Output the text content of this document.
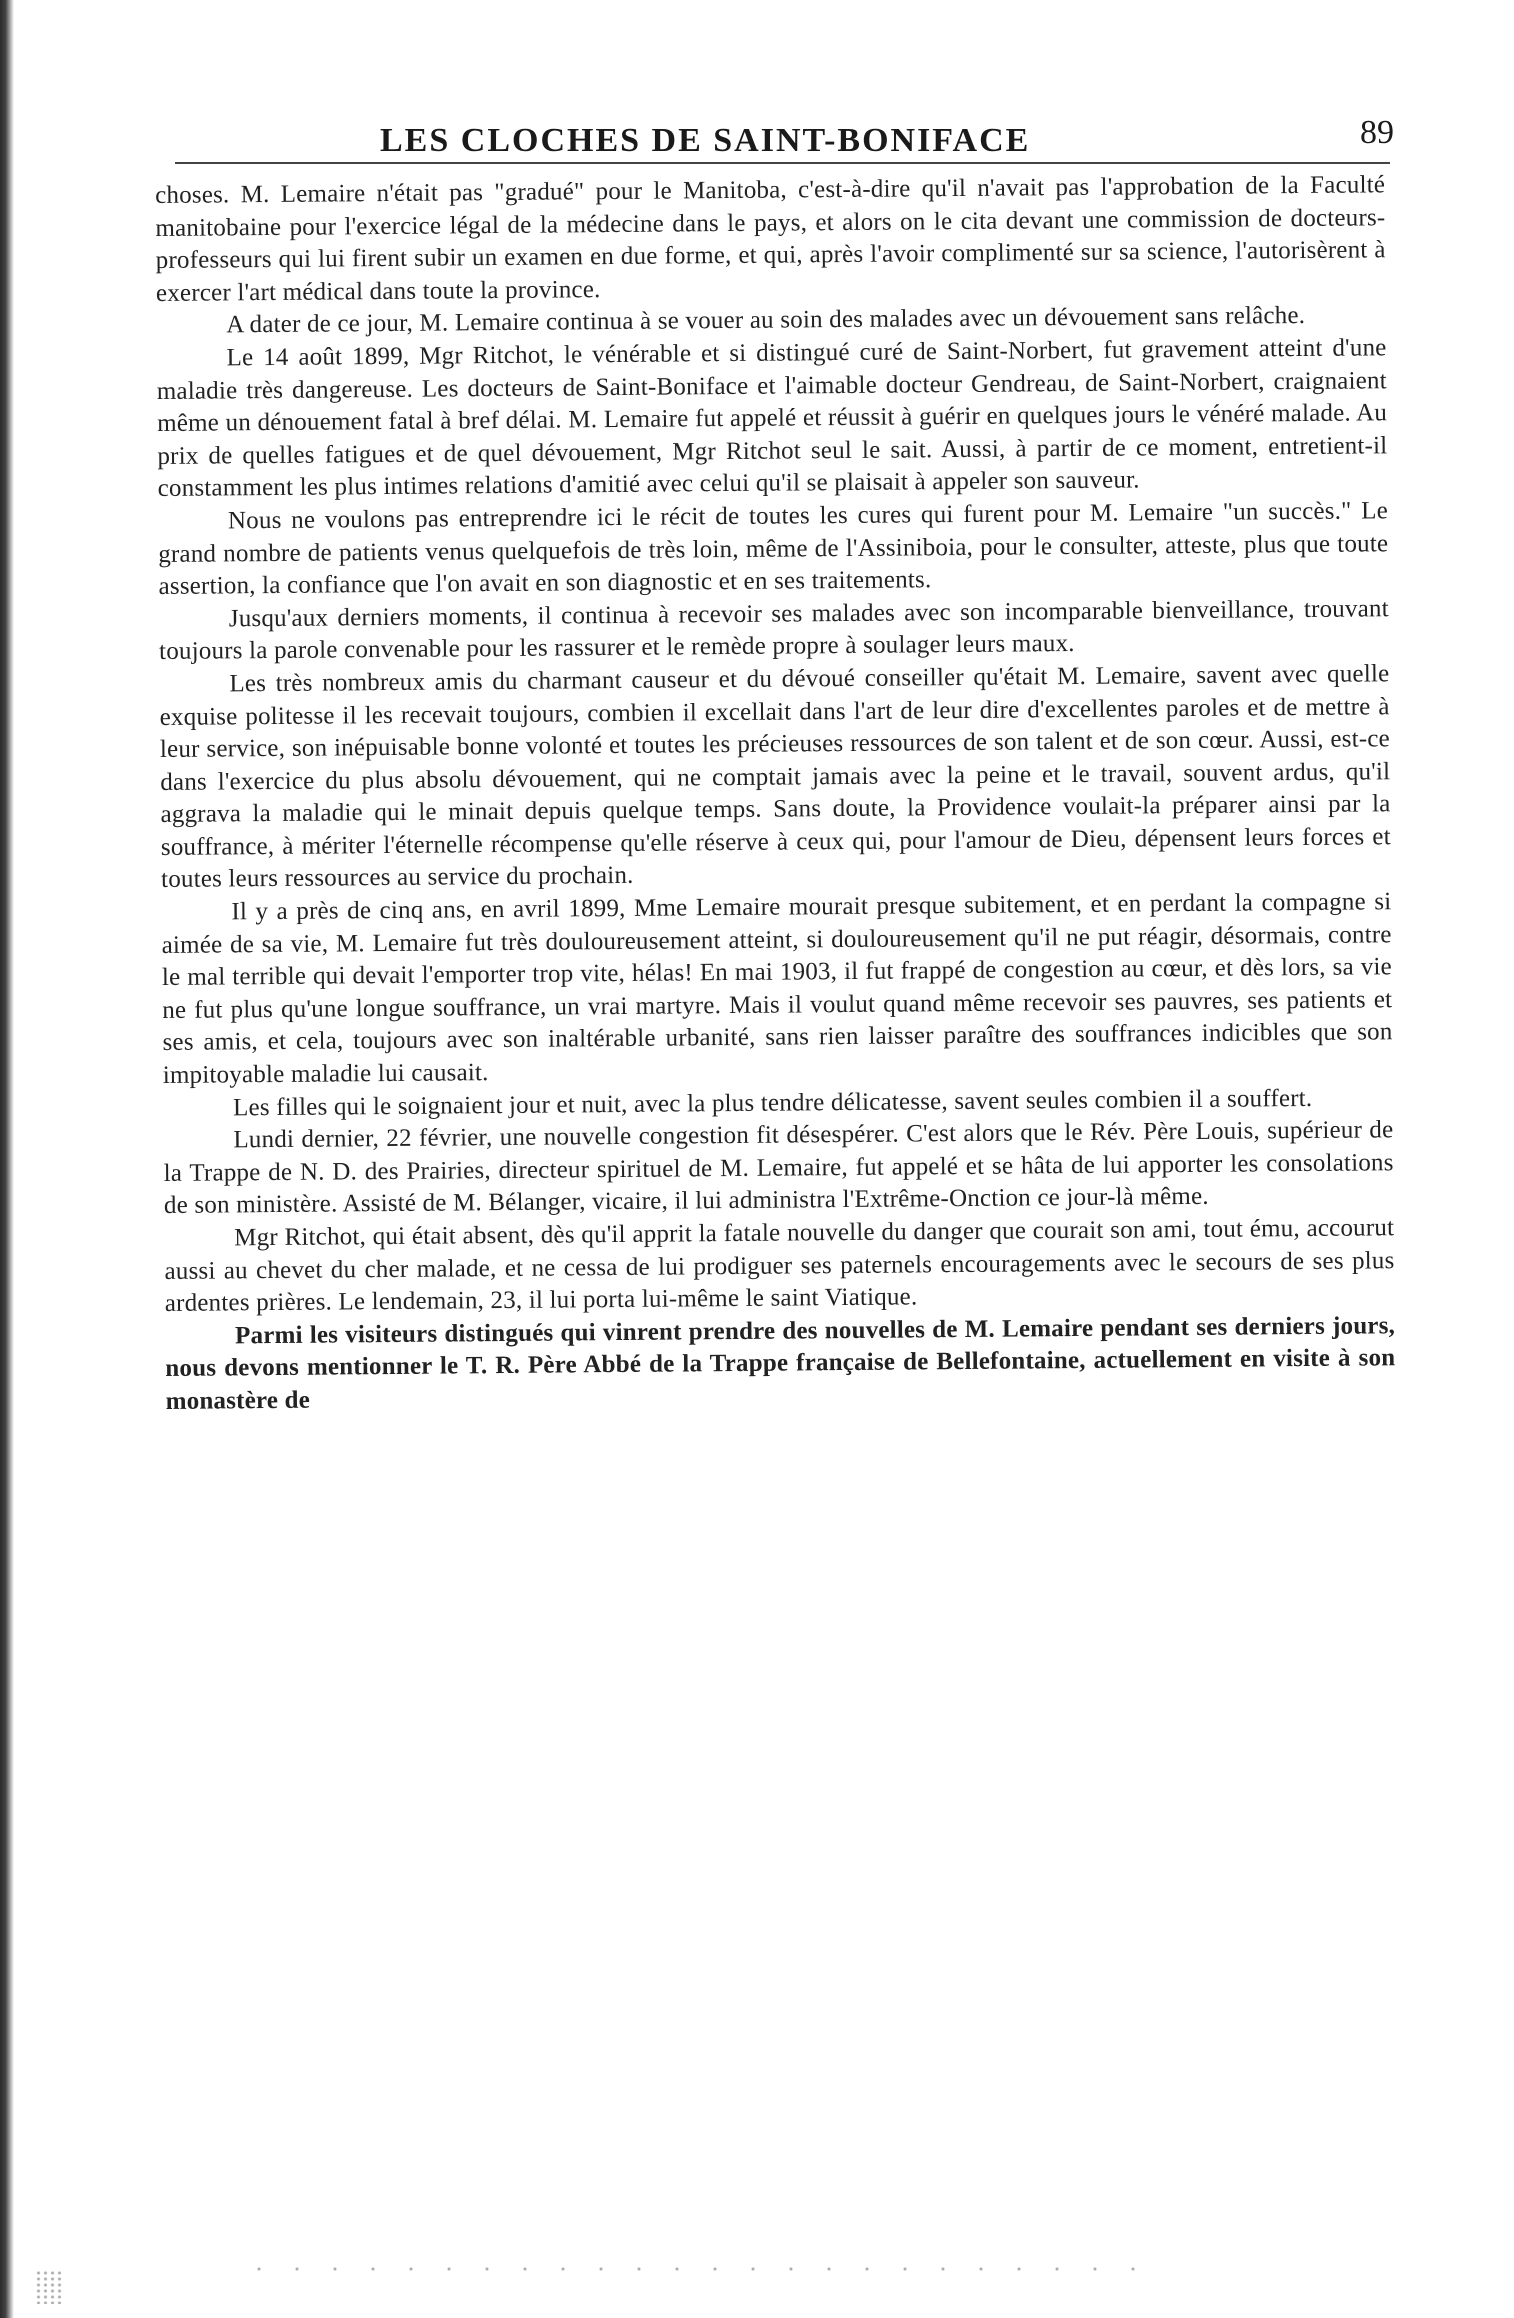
LES CLOCHES DE SAINT-BONIFACE	89

choses. M. Lemaire n'était pas "gradué" pour le Manitoba, c'est-à-dire qu'il n'avait pas l'approbation de la Faculté manitobaine pour l'exercice légal de la médecine dans le pays, et alors on le cita devant une commission de docteurs-professeurs qui lui firent subir un examen en due forme, et qui, après l'avoir complimenté sur sa science, l'autorisèrent à exercer l'art médical dans toute la province.

A dater de ce jour, M. Lemaire continua à se vouer au soin des malades avec un dévouement sans relâche.

Le 14 août 1899, Mgr Ritchot, le vénérable et si distingué curé de Saint-Norbert, fut gravement atteint d'une maladie très dangereuse. Les docteurs de Saint-Boniface et l'aimable docteur Gendreau, de Saint-Norbert, craignaient même un dénouement fatal à bref délai. M. Lemaire fut appelé et réussit à guérir en quelques jours le vénéré malade. Au prix de quelles fatigues et de quel dévouement, Mgr Ritchot seul le sait. Aussi, à partir de ce moment, entretient-il constamment les plus intimes relations d'amitié avec celui qu'il se plaisait à appeler son sauveur.

Nous ne voulons pas entreprendre ici le récit de toutes les cures qui furent pour M. Lemaire "un succès." Le grand nombre de patients venus quelquefois de très loin, même de l'Assiniboia, pour le consulter, atteste, plus que toute assertion, la confiance que l'on avait en son diagnostic et en ses traitements.

Jusqu'aux derniers moments, il continua à recevoir ses malades avec son incomparable bienveillance, trouvant toujours la parole convenable pour les rassurer et le remède propre à soulager leurs maux.

Les très nombreux amis du charmant causeur et du dévoué conseiller qu'était M. Lemaire, savent avec quelle exquise politesse il les recevait toujours, combien il excellait dans l'art de leur dire d'excellentes paroles et de mettre à leur service, son inépuisable bonne volonté et toutes les précieuses ressources de son talent et de son cœur. Aussi, est-ce dans l'exercice du plus absolu dévouement, qui ne comptait jamais avec la peine et le travail, souvent ardus, qu'il aggrava la maladie qui le minait depuis quelque temps. Sans doute, la Providence voulait-la préparer ainsi par la souffrance, à mériter l'éternelle récompense qu'elle réserve à ceux qui, pour l'amour de Dieu, dépensent leurs forces et toutes leurs ressources au service du prochain.

Il y a près de cinq ans, en avril 1899, Mme Lemaire mourait presque subitement, et en perdant la compagne si aimée de sa vie, M. Lemaire fut très douloureusement atteint, si douloureusement qu'il ne put réagir, désormais, contre le mal terrible qui devait l'emporter trop vite, hélas! En mai 1903, il fut frappé de congestion au cœur, et dès lors, sa vie ne fut plus qu'une longue souffrance, un vrai martyre. Mais il voulut quand même recevoir ses pauvres, ses patients et ses amis, et cela, toujours avec son inaltérable urbanité, sans rien laisser paraître des souffrances indicibles que son impitoyable maladie lui causait.

Les filles qui le soignaient jour et nuit, avec la plus tendre délicatesse, savent seules combien il a souffert.

Lundi dernier, 22 février, une nouvelle congestion fit désespérer. C'est alors que le Rév. Père Louis, supérieur de la Trappe de N. D. des Prairies, directeur spirituel de M. Lemaire, fut appelé et se hâta de lui apporter les consolations de son ministère. Assisté de M. Bélanger, vicaire, il lui administra l'Extrême-Onction ce jour-là même.

Mgr Ritchot, qui était absent, dès qu'il apprit la fatale nouvelle du danger que courait son ami, tout ému, accourut aussi au chevet du cher malade, et ne cessa de lui prodiguer ses paternels encouragements avec le secours de ses plus ardentes prières. Le lendemain, 23, il lui porta lui-même le saint Viatique.

Parmi les visiteurs distingués qui vinrent prendre des nouvelles de M. Lemaire pendant ses derniers jours, nous devons mentionner le T. R. Père Abbé de la Trappe française de Bellefontaine, actuellement en visite à son monastère de
